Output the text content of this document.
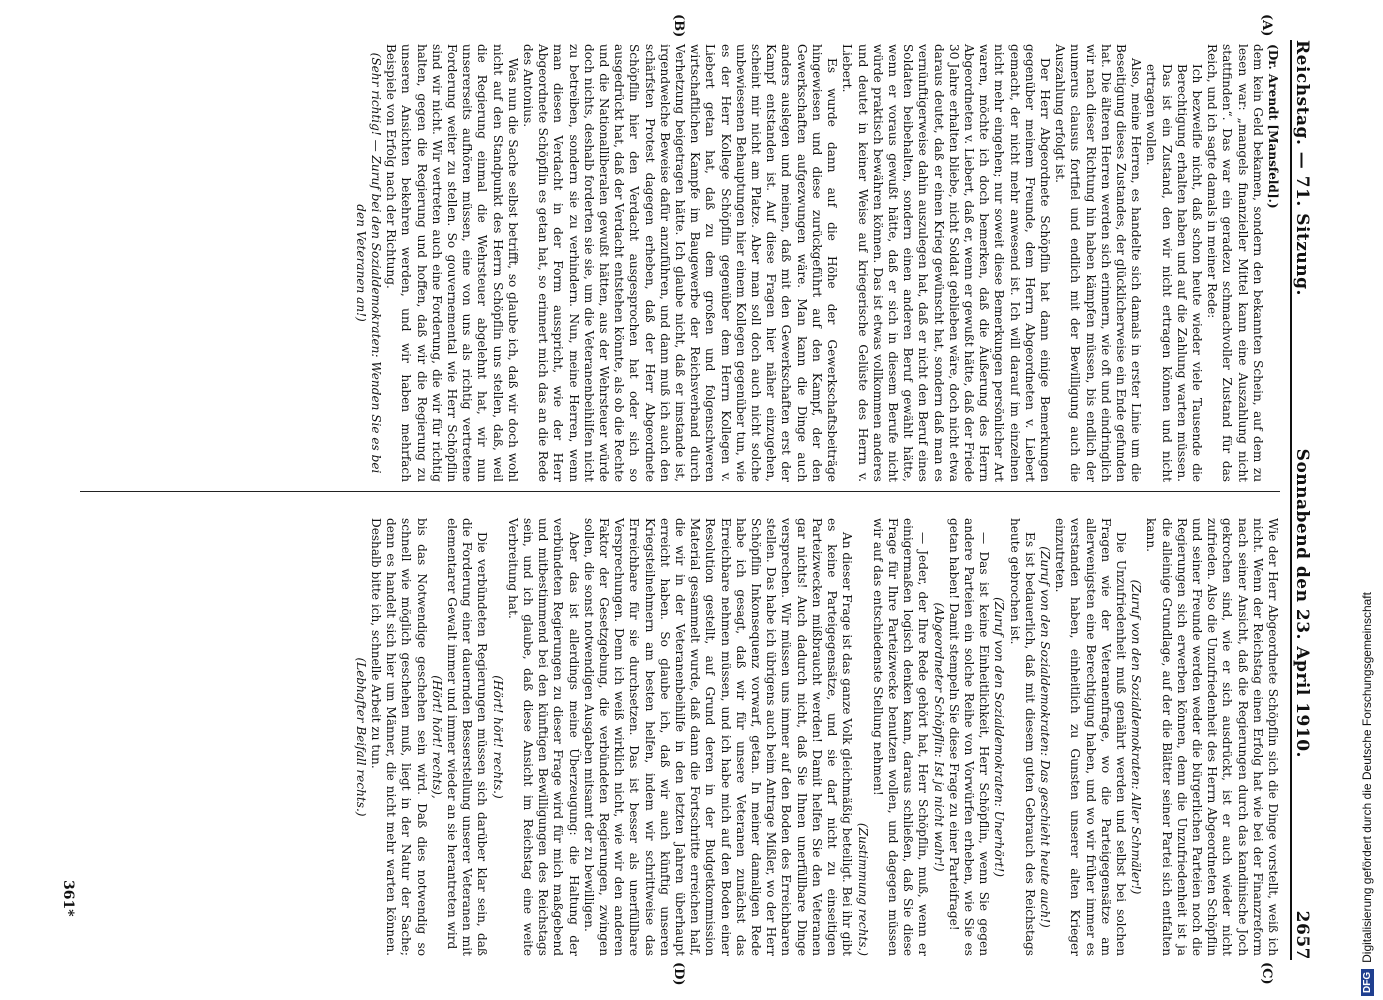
Reichstag. — 71. Sitzung.
Sonnabend den 23. April 1910.
2657
(A)
(B)
(C)
(D)

(Dr. Arendt [Mansfeld].)

dem kein Geld bekamen, sondern den bekannten Schein, auf dem zu lesen war: „mangels finanzieller Mittel kann eine Auszahlung nicht stattfinden“. Das war ein geradezu schmachvoller Zustand für das Reich, und ich sagte damals in meiner Rede:

Ich bezweifle nicht, daß schon heute wieder viele Tausende die Berechtigung erhalten haben und auf die Zahlung warten müssen. Das ist ein Zustand, den wir nicht ertragen können und nicht ertragen wollen.

Also, meine Herren, es handelte sich damals in erster Linie um die Beseitigung dieses Zustandes, der glücklicherweise ein Ende gefunden hat. Die älteren Herren werden sich erinnern, wie oft und eindringlich wir nach dieser Richtung hin haben kämpfen müssen, bis endlich der numerus clausus fortfiel und endlich mit der Bewilligung auch die Auszahlung erfolgt ist.

Der Herr Abgeordnete Schöpflin hat dann einige Bemerkungen gegenüber meinem Freunde, dem Herrn Abgeordneten v. Liebert gemacht, der nicht mehr anwesend ist. Ich will darauf im einzelnen nicht mehr eingehen; nur soweit diese Bemerkungen persönlicher Art waren, möchte ich doch bemerken, daß die Äußerung des Herrn Abgeordneten v. Liebert, daß er, wenn er gewußt hätte, daß der Friede 30 Jahre erhalten bliebe, nicht Soldat geblieben wäre, doch nicht etwa daraus deutet, daß er einen Krieg gewünscht hat, sondern daß man es vernünftigerweise dahin auszulegen hat, daß er nicht den Beruf eines Soldaten beibehalten, sondern einen anderen Beruf gewählt hätte, wenn er voraus gewußt hätte, daß er sich in diesem Berufe nicht würde praktisch bewähren können. Das ist etwas vollkommen anderes und deutet in keiner Weise auf kriegerische Gelüste des Herrn v. Liebert.

Es wurde dann auf die Höhe der Gewerkschaftsbeiträge hingewiesen und diese zurückgeführt auf den Kampf, der den Gewerkschaften aufgezwungen wäre. Man kann die Dinge auch anders auslegen und meinen, daß mit den Gewerkschaften erst der Kampf entstanden ist. Auf diese Fragen hier näher einzugehen, scheint mir nicht am Platze. Aber man soll doch auch nicht solche unbewiesenen Behauptungen hier einem Kollegen gegenüber tun, wie es der Herr Kollege Schöpflin gegenüber dem Herrn Kollegen v. Liebert getan hat, daß zu dem großen und folgenschweren wirtschaftlichen Kampfe im Baugewerbe der Reichsverband durch Verhetzung beigetragen hätte. Ich glaube nicht, daß er imstande ist, irgendwelche Beweise dafür anzuführen, und dann muß ich auch den schärfsten Protest dagegen erheben, daß der Herr Abgeordnete Schöpflin hier den Verdacht ausgesprochen hat oder sich so ausgedrückt hat, daß der Verdacht entstehen könnte, als ob die Rechte und die Nationalliberalen gewußt hätten, aus der Wehrsteuer würde doch nichts, deshalb forderten sie sie, um die Veteranenbeihilfen nicht zu betreiben, sondern sie zu verhindern. Nun, meine Herren, wenn man diesen Verdacht in der Form ausspricht, wie der Herr Abgeordnete Schöpflin es getan hat, so erinnert mich das an die Rede des Antonius.

Was nun die Sache selbst betrifft, so glaube ich, daß wir doch wohl nicht auf den Standpunkt des Herrn Schöpflin uns stellen, daß, weil die Regierung einmal die Wehrsteuer abgelehnt hat, wir nun unsererseits aufhören müssen, eine von uns als richtig vertretene Forderung weiter zu stellen. So gouvernemental wie Herr Schöpflin sind wir nicht. Wir vertreten auch eine Forderung, die wir für richtig halten, gegen die Regierung und hoffen, daß wir die Regierung zu unseren Ansichten bekehren werden, und wir haben mehrfach Beispiele von Erfolg nach der Richtung.

(Sehr richtig! — Zuruf bei den Sozialdemokraten: Wenden Sie es bei den Veteranen an!)

Wie der Herr Abgeordnete Schöpflin sich die Dinge vorstellt, weiß ich nicht. Wenn der Reichstag einen Erfolg hat wie bei der Finanzreform nach seiner Ansicht, daß die Regierungen durch das kandinische Joch gekrochen sind, wie er sich ausdrückt, ist er auch wieder nicht zufrieden. Also die Unzufriedenheit des Herrn Abgeordneten Schöpflin und seiner Freunde werden weder die bürgerlichen Parteien noch die Regierungen sich erwerben können, denn die Unzufriedenheit ist ja die alleinige Grundlage, auf der die Blätter seiner Partei sich entfalten kann.

(Zuruf von den Sozialdemokraten: Aller Schmäler!)

Die Unzufriedenheit muß genährt werden und selbst bei solchen Fragen wie der Veteranenfrage, wo die Parteigegensätze am allerwenigsten eine Berechtigung haben, und wo wir früher immer es verstanden haben, einheitlich zu Gunsten unserer alten Krieger einzutreten.

(Zuruf von den Sozialdemokraten: Das geschieht heute auch!)

Es ist bedauerlich, daß mit diesem guten Gebrauch des Reichstags heute gebrochen ist.

(Zuruf von den Sozialdemokraten: Unerhört!)

— Das ist keine Einheitlichkeit, Herr Schöpflin, wenn Sie gegen andere Parteien ein solche Reihe von Vorwürfen erheben, wie Sie es getan haben! Damit stempeln Sie diese Frage zu einer Parteifrage!

(Abgeordneter Schöpflin: Ist ja nicht wahr!)

— Jeder, der Ihre Rede gehört hat, Herr Schöpflin, muß, wenn er einigermaßen logisch denken kann, daraus schließen, daß Sie diese Frage für Ihre Parteizwecke benutzen wollen, und dagegen müssen wir auf das entschiedenste Stellung nehmen!

(Zustimmung rechts.)

An dieser Frage ist das ganze Volk gleichmäßig beteiligt. Bei ihr gibt es keine Parteigegensätze, und sie darf nicht zu einseitigen Parteizwecken mißbraucht werden! Damit helfen Sie den Veteranen gar nichts! Auch dadurch nicht, daß Sie Ihnen unerfüllbare Dinge versprechen. Wir müssen uns immer auf den Boden des Erreichbaren stellen. Das habe ich übrigens auch beim Antrage Mißler, wo der Herr Schöpflin Inkonsequenz vorwarf, getan. In meiner damaligen Rede habe ich gesagt, daß wir für unsere Veteranen zunächst das Erreichbare nehmen müssen, und ich habe mich auf den Boden einer Resolution gestellt, auf Grund deren in der Budgetkommission Material gesammelt wurde, daß dann die Fortschritte erreichen half, die wir in der Veteranenbeihilfe in den letzten Jahren überhaupt erreicht haben. So glaube ich, daß wir auch künftig unseren Kriegsteilnehmern am besten helfen, indem wir schrittweise das Erreichbare für sie durchsetzen. Das ist besser als unerfüllbare Versprechungen. Denn ich weiß wirklich nicht, wie wir den anderen Faktor der Gesetzgebung, die verbündeten Regierungen, zwingen sollen, die sonst notwendigen Ausgaben mitsamt der zu bewilligen.

Aber das ist allerdings meine Überzeugung: die Haltung der verbündeten Regierungen zu dieser Frage wird für mich maßgebend und mitbestimmend bei den künftigen Bewilligungen des Reichstags sein, und ich glaube, daß diese Ansicht im Reichstag eine weite Verbreitung hat.

(Hört! hört! rechts.)

Die verbündeten Regierungen müssen sich darüber klar sein, daß die Forderung einer dauernden Besserstellung unserer Veteranen mit elementarer Gewalt immer und immer wieder an sie herantreten wird

(Hört! hört! rechts),

bis das Notwendige geschehen sein wird. Daß dies notwendig so schnell wie möglich geschehen muß, liegt in der Natur der Sache; denn es handelt sich hier um Männer, die nicht mehr warten können. Deshalb bitte ich, schnelle Arbeit zu tun.

(Lebhafter Beifall rechts.)

361*
DFG
Digitalisierung gefördert durch die Deutsche Forschungsgemeinschaft
